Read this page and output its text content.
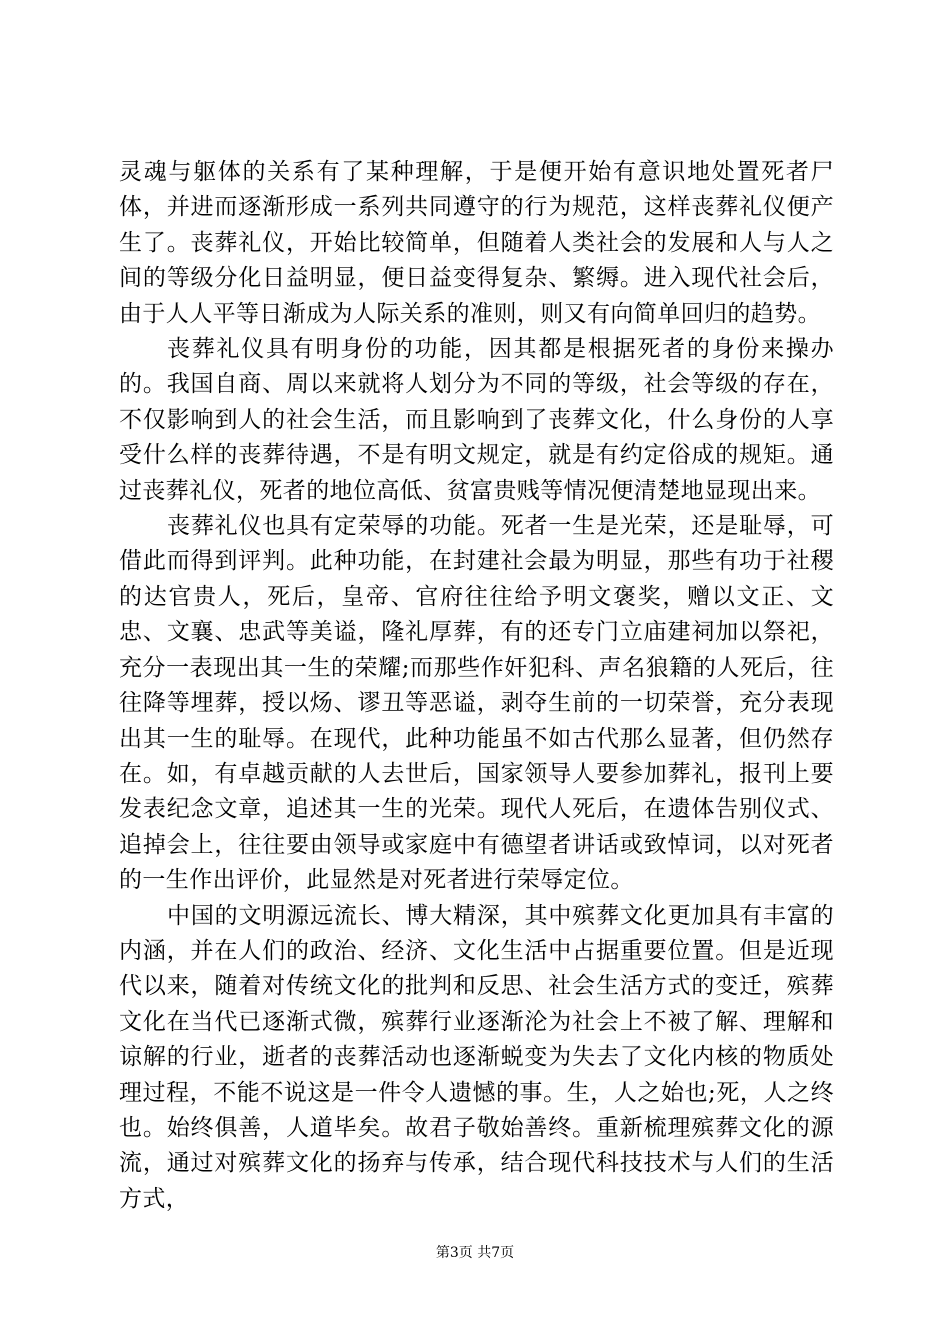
灵魂与躯体的关系有了某种理解，于是便开始有意识地处置死者尸体，并进而逐渐形成一系列共同遵守的行为规范，这样丧葬礼仪便产生了。丧葬礼仪，开始比较简单，但随着人类社会的发展和人与人之间的等级分化日益明显，便日益变得复杂、繁缛。进入现代社会后，由于人人平等日渐成为人际关系的准则，则又有向简单回归的趋势。

丧葬礼仪具有明身份的功能，因其都是根据死者的身份来操办的。我国自商、周以来就将人划分为不同的等级，社会等级的存在，不仅影响到人的社会生活，而且影响到了丧葬文化，什么身份的人享受什么样的丧葬待遇，不是有明文规定，就是有约定俗成的规矩。通过丧葬礼仪，死者的地位高低、贫富贵贱等情况便清楚地显现出来。

丧葬礼仪也具有定荣辱的功能。死者一生是光荣，还是耻辱，可借此而得到评判。此种功能，在封建社会最为明显，那些有功于社稷的达官贵人，死后，皇帝、官府往往给予明文褒奖，赠以文正、文忠、文襄、忠武等美谥，隆礼厚葬，有的还专门立庙建祠加以祭祀，充分一表现出其一生的荣耀;而那些作奸犯科、声名狼籍的人死后，往往降等埋葬，授以炀、谬丑等恶谥，剥夺生前的一切荣誉，充分表现出其一生的耻辱。在现代，此种功能虽不如古代那么显著，但仍然存在。如，有卓越贡献的人去世后，国家领导人要参加葬礼，报刊上要发表纪念文章，追述其一生的光荣。现代人死后，在遗体告别仪式、追掉会上，往往要由领导或家庭中有德望者讲话或致悼词，以对死者的一生作出评价，此显然是对死者进行荣辱定位。

中国的文明源远流长、博大精深，其中殡葬文化更加具有丰富的内涵，并在人们的政治、经济、文化生活中占据重要位置。但是近现代以来，随着对传统文化的批判和反思、社会生活方式的变迁，殡葬文化在当代已逐渐式微，殡葬行业逐渐沦为社会上不被了解、理解和谅解的行业，逝者的丧葬活动也逐渐蜕变为失去了文化内核的物质处理过程，不能不说这是一件令人遗憾的事。生，人之始也;死，人之终也。始终俱善，人道毕矣。故君子敬始善终。重新梳理殡葬文化的源流，通过对殡葬文化的扬弃与传承，结合现代科技技术与人们的生活方式，

第3页 共7页
